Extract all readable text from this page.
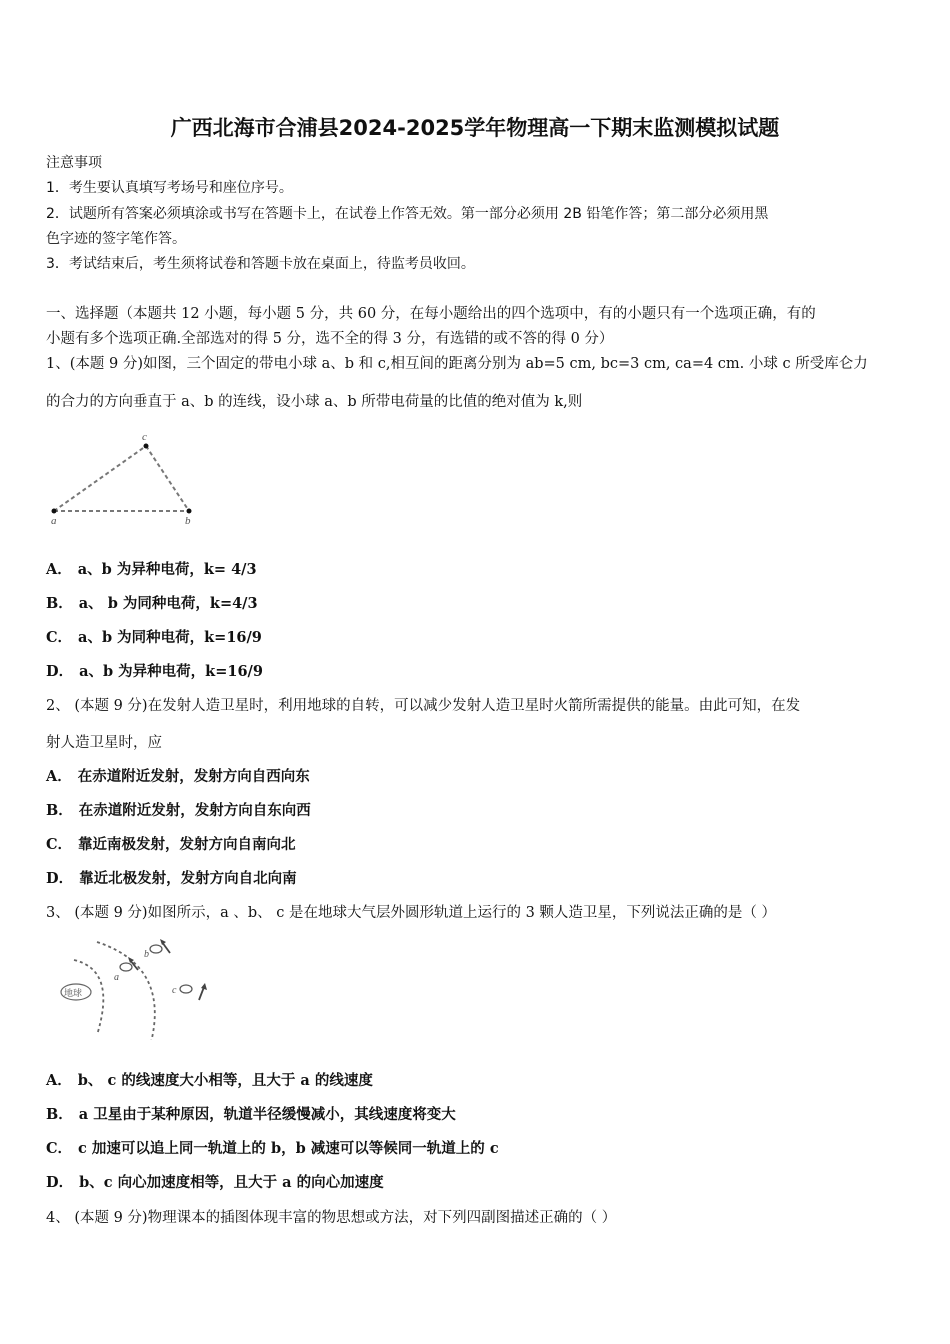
广西北海市合浦县2024-2025学年物理高一下期末监测模拟试题
注意事项
1．考生要认真填写考场号和座位序号。
2．试题所有答案必须填涂或书写在答题卡上，在试卷上作答无效。第一部分必须用 2B 铅笔作答；第二部分必须用黑
色字迹的签字笔作答。
3．考试结束后，考生须将试卷和答题卡放在桌面上，待监考员收回。
一、选择题（本题共 12 小题，每小题 5 分，共 60 分，在每小题给出的四个选项中，有的小题只有一个选项正确，有的
小题有多个选项正确.全部选对的得 5 分，选不全的得 3 分，有选错的或不答的得 0 分）
1、(本题 9 分)如图，三个固定的带电小球 a、b 和 c,相互间的距离分别为 ab=5 cm, bc=3 cm, ca=4 cm. 小球 c 所受库仑力
的合力的方向垂直于 a、b 的连线，设小球 a、b 所带电荷量的比值的绝对值为 k,则
a
c
b
A． a、b 为异种电荷，k= 4/3
B． a、 b 为同种电荷，k=4/3
C． a、b 为同种电荷，k=16/9
D． a、b 为异种电荷，k=16/9
2、 (本题 9 分)在发射人造卫星时，利用地球的自转，可以减少发射人造卫星时火箭所需提供的能量。由此可知，在发
射人造卫星时，应
A． 在赤道附近发射，发射方向自西向东
B． 在赤道附近发射，发射方向自东向西
C． 靠近南极发射，发射方向自南向北
D． 靠近北极发射，发射方向自北向南
3、 (本题 9 分)如图所示，a 、b、 c 是在地球大气层外圆形轨道上运行的 3 颗人造卫星，下列说法正确的是（ ）
地球
a
b
c
A． b、 c 的线速度大小相等，且大于 a 的线速度
B． a 卫星由于某种原因，轨道半径缓慢减小，其线速度将变大
C． c 加速可以追上同一轨道上的 b，b 减速可以等候同一轨道上的 c
D． b、c 向心加速度相等，且大于 a 的向心加速度
4、 (本题 9 分)物理课本的插图体现丰富的物思想或方法，对下列四副图描述正确的（ ）
